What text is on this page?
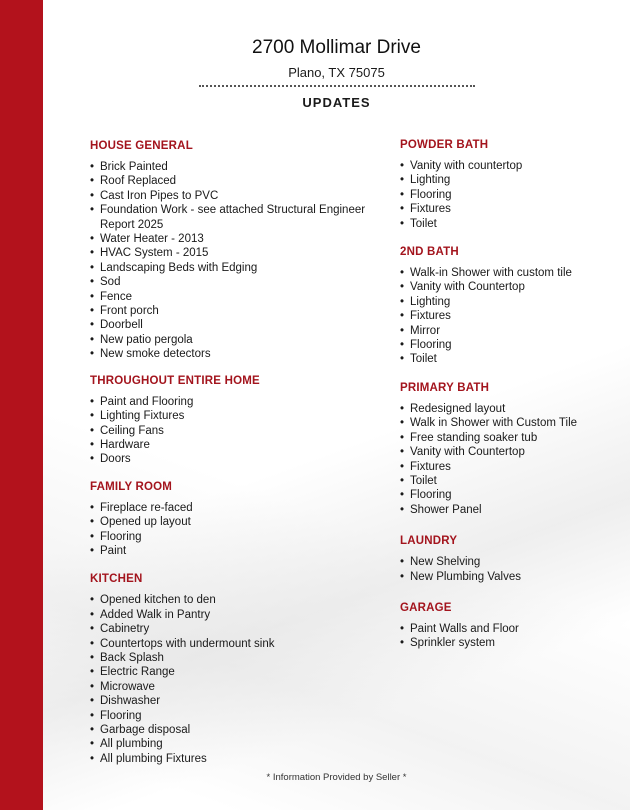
2700 Mollimar Drive
Plano, TX 75075
UPDATES
HOUSE GENERAL
• Brick Painted
• Roof Replaced
• Cast Iron Pipes to PVC
• Foundation Work - see attached Structural Engineer Report 2025
• Water Heater - 2013
• HVAC System - 2015
• Landscaping Beds with Edging
• Sod
• Fence
• Front porch
• Doorbell
• New patio pergola
• New smoke detectors
THROUGHOUT ENTIRE HOME
• Paint and Flooring
• Lighting Fixtures
• Ceiling Fans
• Hardware
• Doors
FAMILY ROOM
• Fireplace re-faced
• Opened up layout
• Flooring
• Paint
KITCHEN
• Opened kitchen to den
• Added Walk in Pantry
• Cabinetry
• Countertops with undermount sink
• Back Splash
• Electric Range
• Microwave
• Dishwasher
• Flooring
• Garbage disposal
• All plumbing
• All plumbing Fixtures
POWDER BATH
• Vanity with countertop
• Lighting
• Flooring
• Fixtures
• Toilet
2ND BATH
• Walk-in Shower with custom tile
• Vanity with Countertop
• Lighting
• Fixtures
• Mirror
• Flooring
• Toilet
PRIMARY BATH
• Redesigned layout
• Walk in Shower with Custom Tile
• Free standing soaker tub
• Vanity with Countertop
• Fixtures
• Toilet
• Flooring
• Shower Panel
LAUNDRY
• New Shelving
• New Plumbing Valves
GARAGE
• Paint Walls and Floor
• Sprinkler system
* Information Provided by Seller *
